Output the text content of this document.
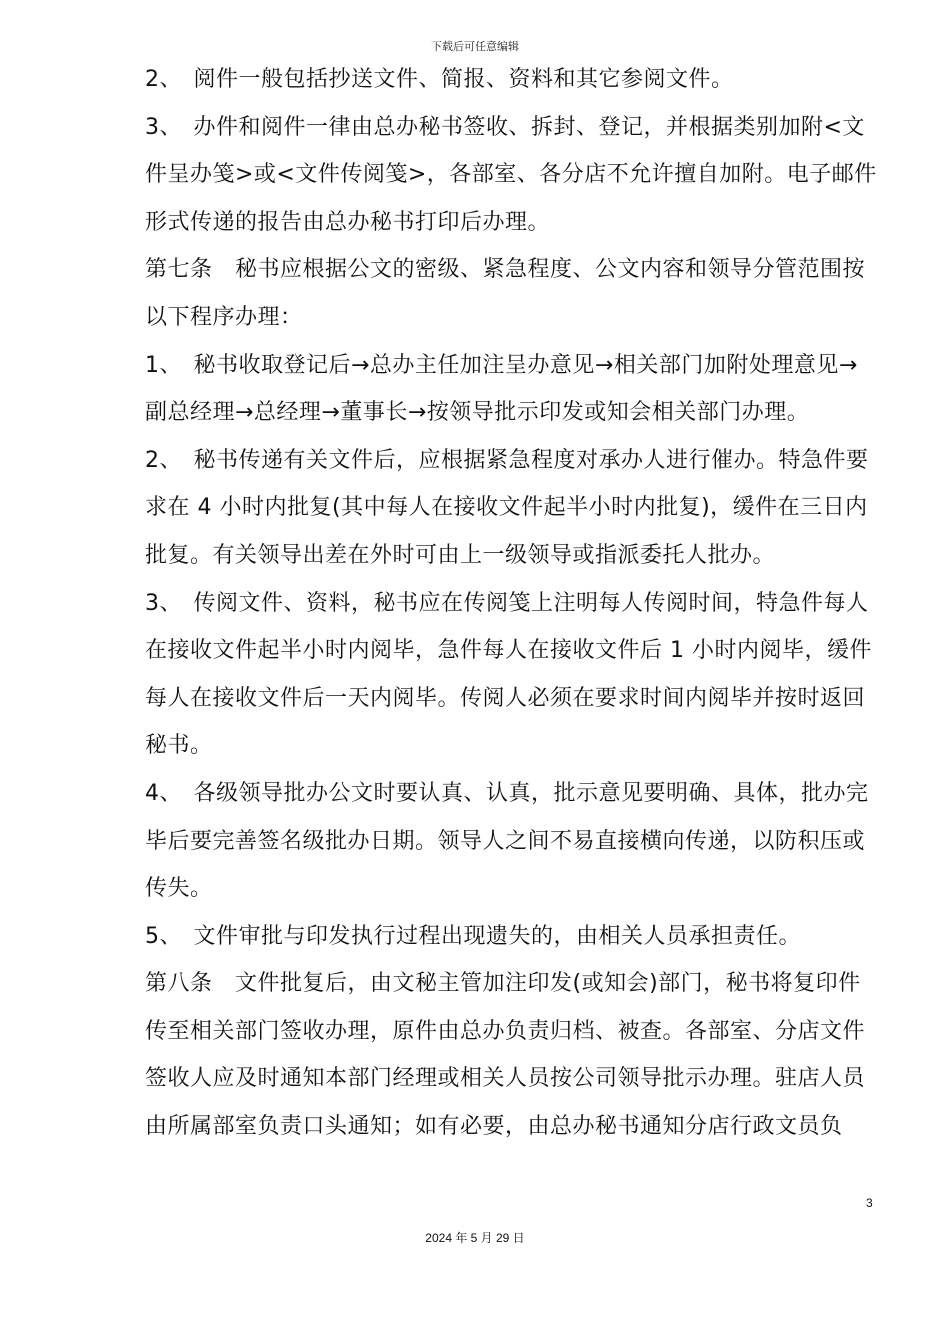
下载后可任意编辑

2、　阅件一般包括抄送文件、简报、资料和其它参阅文件。

3、　办件和阅件一律由总办秘书签收、拆封、登记，并根据类别加附<文件呈办笺>或<文件传阅笺>，各部室、各分店不允许擅自加附。电子邮件形式传递的报告由总办秘书打印后办理。

第七条　秘书应根据公文的密级、紧急程度、公文内容和领导分管范围按以下程序办理：

1、　秘书收取登记后→总办主任加注呈办意见→相关部门加附处理意见→副总经理→总经理→董事长→按领导批示印发或知会相关部门办理。

2、　秘书传递有关文件后，应根据紧急程度对承办人进行催办。特急件要求在 4 小时内批复(其中每人在接收文件起半小时内批复)，缓件在三日内批复。有关领导出差在外时可由上一级领导或指派委托人批办。

3、　传阅文件、资料，秘书应在传阅笺上注明每人传阅时间，特急件每人在接收文件起半小时内阅毕，急件每人在接收文件后 1 小时内阅毕，缓件每人在接收文件后一天内阅毕。传阅人必须在要求时间内阅毕并按时返回秘书。

4、　各级领导批办公文时要认真、认真，批示意见要明确、具体，批办完毕后要完善签名级批办日期。领导人之间不易直接横向传递，以防积压或传失。

5、　文件审批与印发执行过程出现遗失的，由相关人员承担责任。

第八条　文件批复后，由文秘主管加注印发(或知会)部门，秘书将复印件传至相关部门签收办理，原件由总办负责归档、被查。各部室、分店文件签收人应及时通知本部门经理或相关人员按公司领导批示办理。驻店人员由所属部室负责口头通知；如有必要，由总办秘书通知分店行政文员负

3
2024 年 5 月 29 日
